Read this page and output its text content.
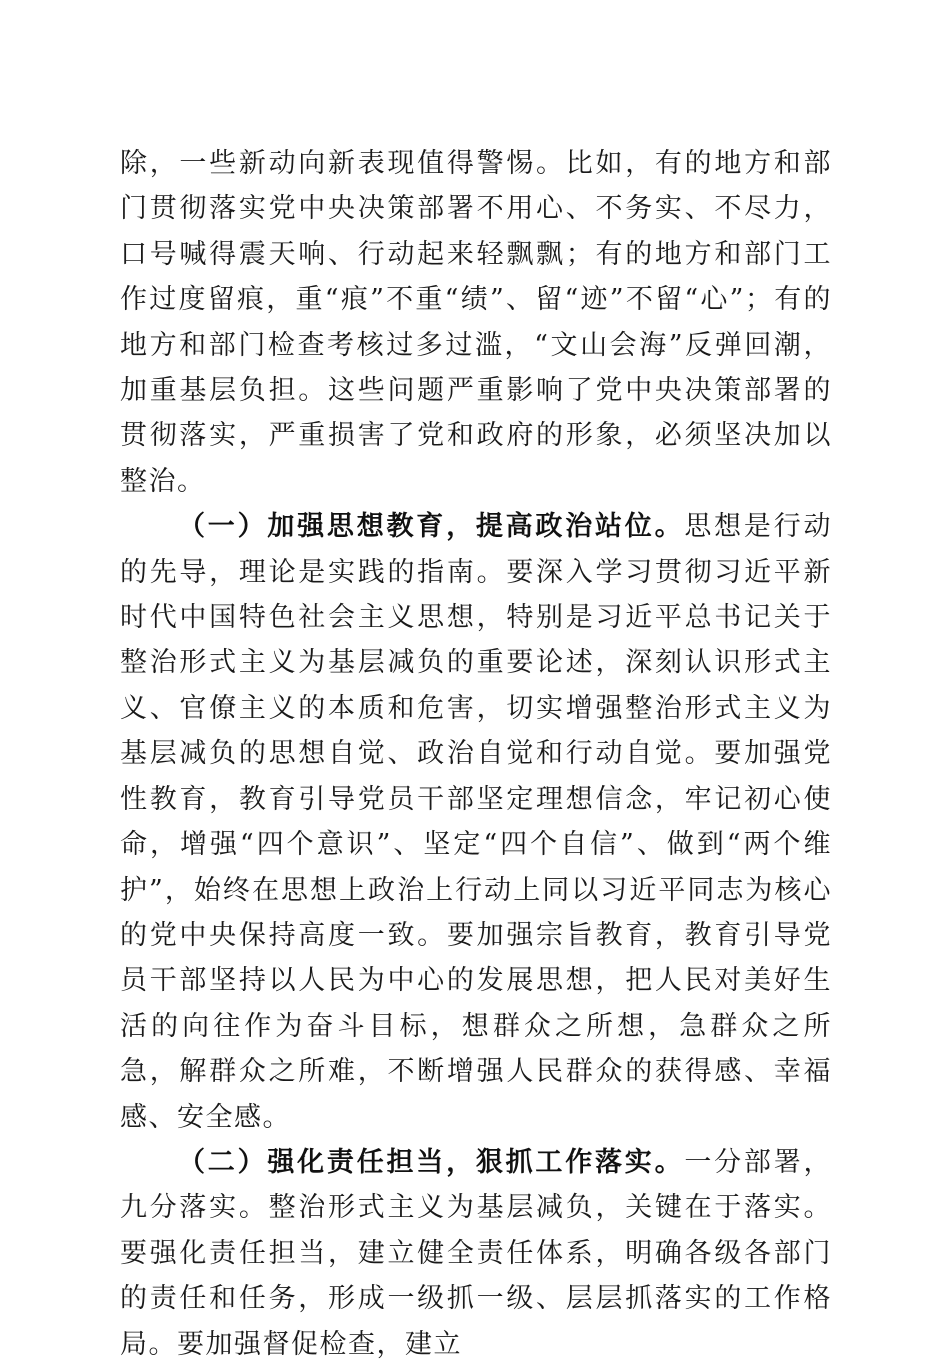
除，一些新动向新表现值得警惕。比如，有的地方和部门贯彻落实党中央决策部署不用心、不务实、不尽力，口号喊得震天响、行动起来轻飘飘；有的地方和部门工作过度留痕，重“痕”不重“绩”、留“迹”不留“心”；有的地方和部门检查考核过多过滥，“文山会海”反弹回潮，加重基层负担。这些问题严重影响了党中央决策部署的贯彻落实，严重损害了党和政府的形象，必须坚决加以整治。

（一）加强思想教育，提高政治站位。思想是行动的先导，理论是实践的指南。要深入学习贯彻习近平新时代中国特色社会主义思想，特别是习近平总书记关于整治形式主义为基层减负的重要论述，深刻认识形式主义、官僚主义的本质和危害，切实增强整治形式主义为基层减负的思想自觉、政治自觉和行动自觉。要加强党性教育，教育引导党员干部坚定理想信念，牢记初心使命，增强“四个意识”、坚定“四个自信”、做到“两个维护”，始终在思想上政治上行动上同以习近平同志为核心的党中央保持高度一致。要加强宗旨教育，教育引导党员干部坚持以人民为中心的发展思想，把人民对美好生活的向往作为奋斗目标，想群众之所想，急群众之所急，解群众之所难，不断增强人民群众的获得感、幸福感、安全感。

（二）强化责任担当，狠抓工作落实。一分部署，九分落实。整治形式主义为基层减负，关键在于落实。要强化责任担当，建立健全责任体系，明确各级各部门的责任和任务，形成一级抓一级、层层抓落实的工作格局。要加强督促检查，建立
